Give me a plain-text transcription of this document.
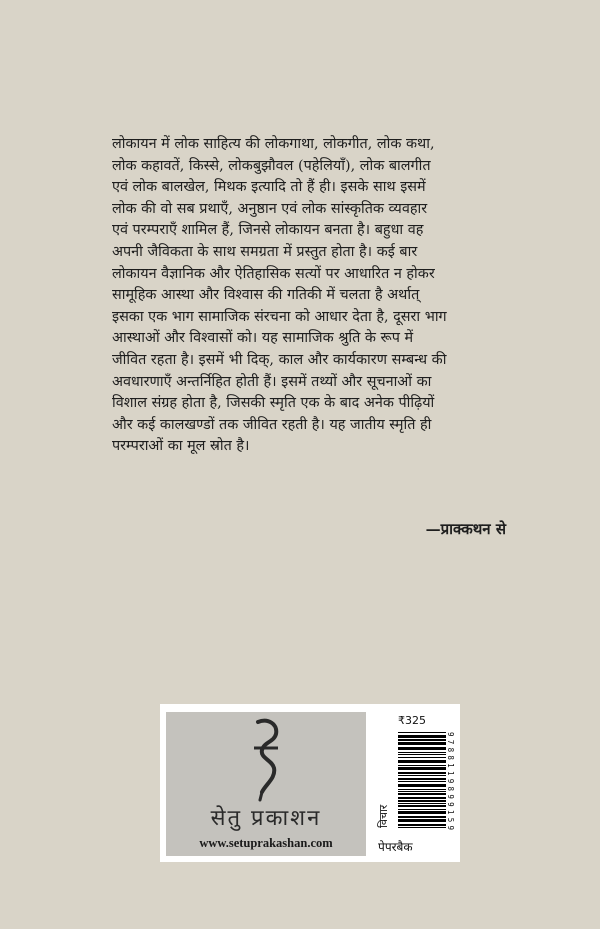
लोकायन में लोक साहित्य की लोकगाथा, लोकगीत, लोक कथा,

लोक कहावतें, किस्से, लोकबुझौवल (पहेलियाँ), लोक बालगीत

एवं लोक बालखेल, मिथक इत्यादि तो हैं ही। इसके साथ इसमें

लोक की वो सब प्रथाएँ, अनुष्ठान एवं लोक सांस्कृतिक व्यवहार

एवं परम्पराएँ शामिल हैं, जिनसे लोकायन बनता है। बहुधा वह

अपनी जैविकता के साथ समग्रता में प्रस्तुत होता है। कई बार

लोकायन वैज्ञानिक और ऐतिहासिक सत्यों पर आधारित न होकर

सामूहिक आस्था और विश्वास की गतिकी में चलता है अर्थात्

इसका एक भाग सामाजिक संरचना को आधार देता है, दूसरा भाग

आस्थाओं और विश्वासों को। यह सामाजिक श्रुति के रूप में

जीवित रहता है। इसमें भी दिक्, काल और कार्यकारण सम्बन्ध की

अवधारणाएँ अन्तर्निहित होती हैं। इसमें तथ्यों और सूचनाओं का

विशाल संग्रह होता है, जिसकी स्मृति एक के बाद अनेक पीढ़ियों

और कई कालखण्डों तक जीवित रहती है। यह जातीय स्मृति ही

परम्पराओं का मूल स्रोत है।

—प्राक्कथन से
सेतु प्रकाशन
www.setuprakashan.com
विचार
₹325
9788119899159
पेपरबैक
